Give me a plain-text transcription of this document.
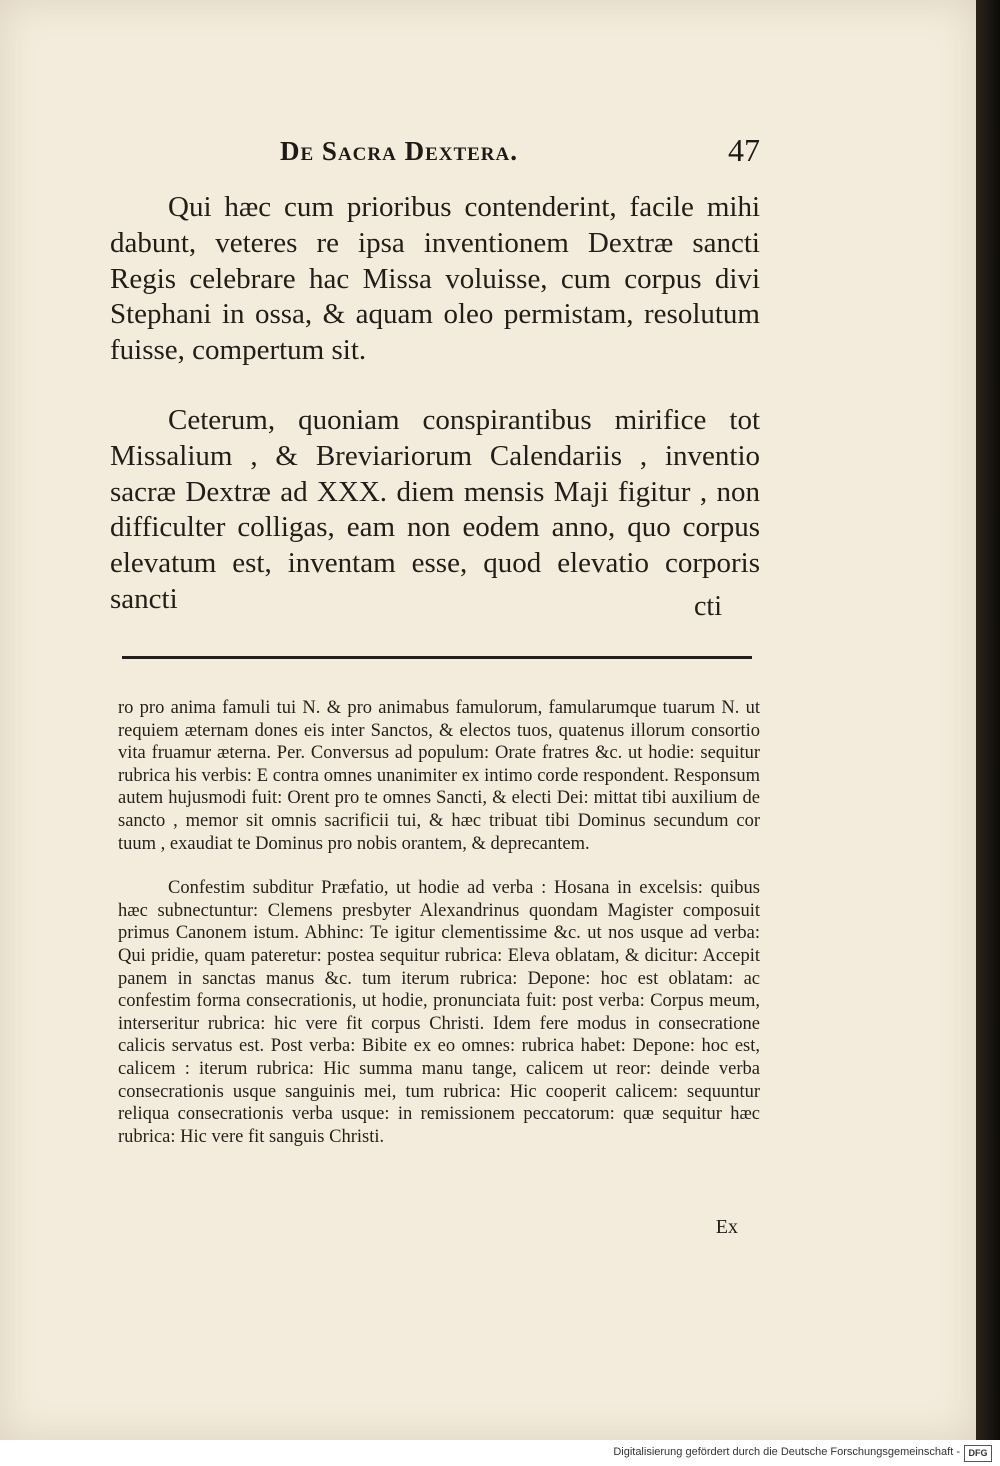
De Sacra Dextera.	47

Qui hæc cum prioribus contenderint, facile mihi dabunt, veteres re ipsa inventionem Dextræ sancti Regis celebrare hac Missa voluisse, cum corpus divi Stephani in ossa, & aquam oleo permistam, resolutum fuisse, compertum sit.

Ceterum, quoniam conspirantibus mirifice tot Missalium , & Breviariorum Calendariis , inventio sacræ Dextræ ad XXX. diem mensis Maji figitur , non difficulter colligas, eam non eodem anno, quo corpus elevatum est, inventam esse, quod elevatio corporis sancti	cti

ro pro anima famuli tui N. & pro animabus famulorum, famularumque tuarum N. ut requiem æternam dones eis inter Sanctos, & electos tuos, quatenus illorum consortio vita fruamur æterna. Per. Conversus ad populum: Orate fratres &c. ut hodie: sequitur rubrica his verbis: E contra omnes unanimiter ex intimo corde respondent. Responsum autem hujusmodi fuit: Orent pro te omnes Sancti, & electi Dei: mittat tibi auxilium de sancto , memor sit omnis sacrificii tui, & hæc tribuat tibi Dominus secundum cor tuum , exaudiat te Dominus pro nobis orantem, & deprecantem.

Confestim subditur Præfatio, ut hodie ad verba : Hosana in excelsis: quibus hæc subnectuntur: Clemens presbyter Alexandrinus quondam Magister composuit primus Canonem istum. Abhinc: Te igitur clementissime &c. ut nos usque ad verba: Qui pridie, quam pateretur: postea sequitur rubrica: Eleva oblatam, & dicitur: Accepit panem in sanctas manus &c. tum iterum rubrica: Depone: hoc est oblatam: ac confestim forma consecrationis, ut hodie, pronunciata fuit: post verba: Corpus meum, interseritur rubrica: hic vere fit corpus Christi. Idem fere modus in consecratione calicis servatus est. Post verba: Bibite ex eo omnes: rubrica habet: Depone: hoc est, calicem : iterum rubrica: Hic summa manu tange, calicem ut reor: deinde verba consecrationis usque sanguinis mei, tum rubrica: Hic cooperit calicem: sequuntur reliqua consecrationis verba usque: in remissionem peccatorum: quæ sequitur hæc rubrica: Hic vere fit sanguis Christi.

Ex
Digitalisierung gefördert durch die Deutsche Forschungsgemeinschaft - DFG
